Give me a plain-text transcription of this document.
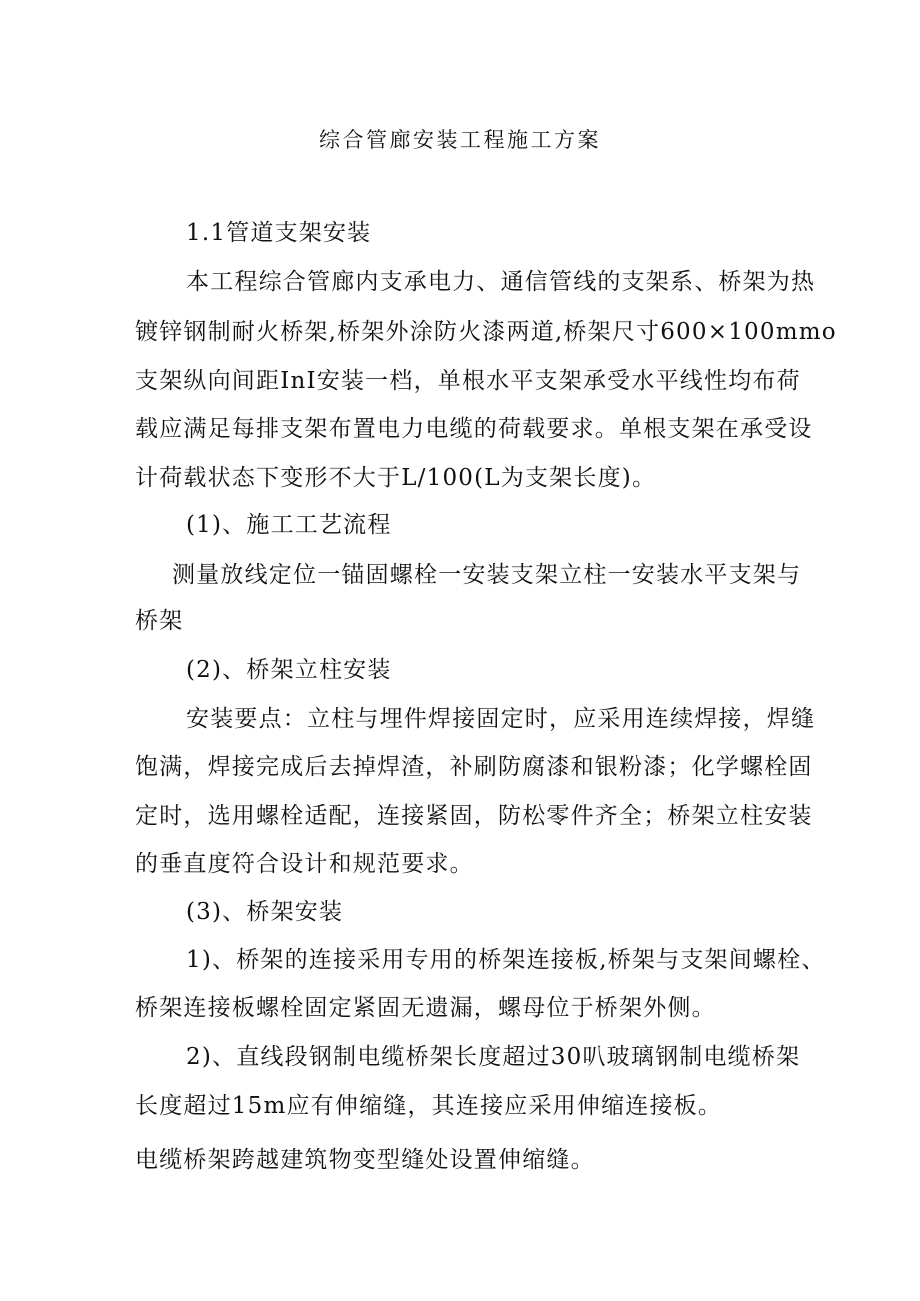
综合管廊安装工程施工方案
1.1管道支架安装
本工程综合管廊内支承电力、通信管线的支架系、桥架为热
镀锌钢制耐火桥架,桥架外涂防火漆两道,桥架尺寸600×100mmo
支架纵向间距InI安装一档，单根水平支架承受水平线性均布荷
载应满足每排支架布置电力电缆的荷载要求。单根支架在承受设
计荷载状态下变形不大于L/100(L为支架长度)。
(1)、施工工艺流程
测量放线定位一锚固螺栓一安装支架立柱一安装水平支架与
桥架
(2)、桥架立柱安装
安装要点：立柱与埋件焊接固定时，应采用连续焊接，焊缝
饱满，焊接完成后去掉焊渣，补刷防腐漆和银粉漆；化学螺栓固
定时，选用螺栓适配，连接紧固，防松零件齐全；桥架立柱安装
的垂直度符合设计和规范要求。
(3)、桥架安装
1)、桥架的连接采用专用的桥架连接板,桥架与支架间螺栓、
桥架连接板螺栓固定紧固无遗漏，螺母位于桥架外侧。
2)、直线段钢制电缆桥架长度超过30叭玻璃钢制电缆桥架
长度超过15m应有伸缩缝，其连接应采用伸缩连接板。
电缆桥架跨越建筑物变型缝处设置伸缩缝。
